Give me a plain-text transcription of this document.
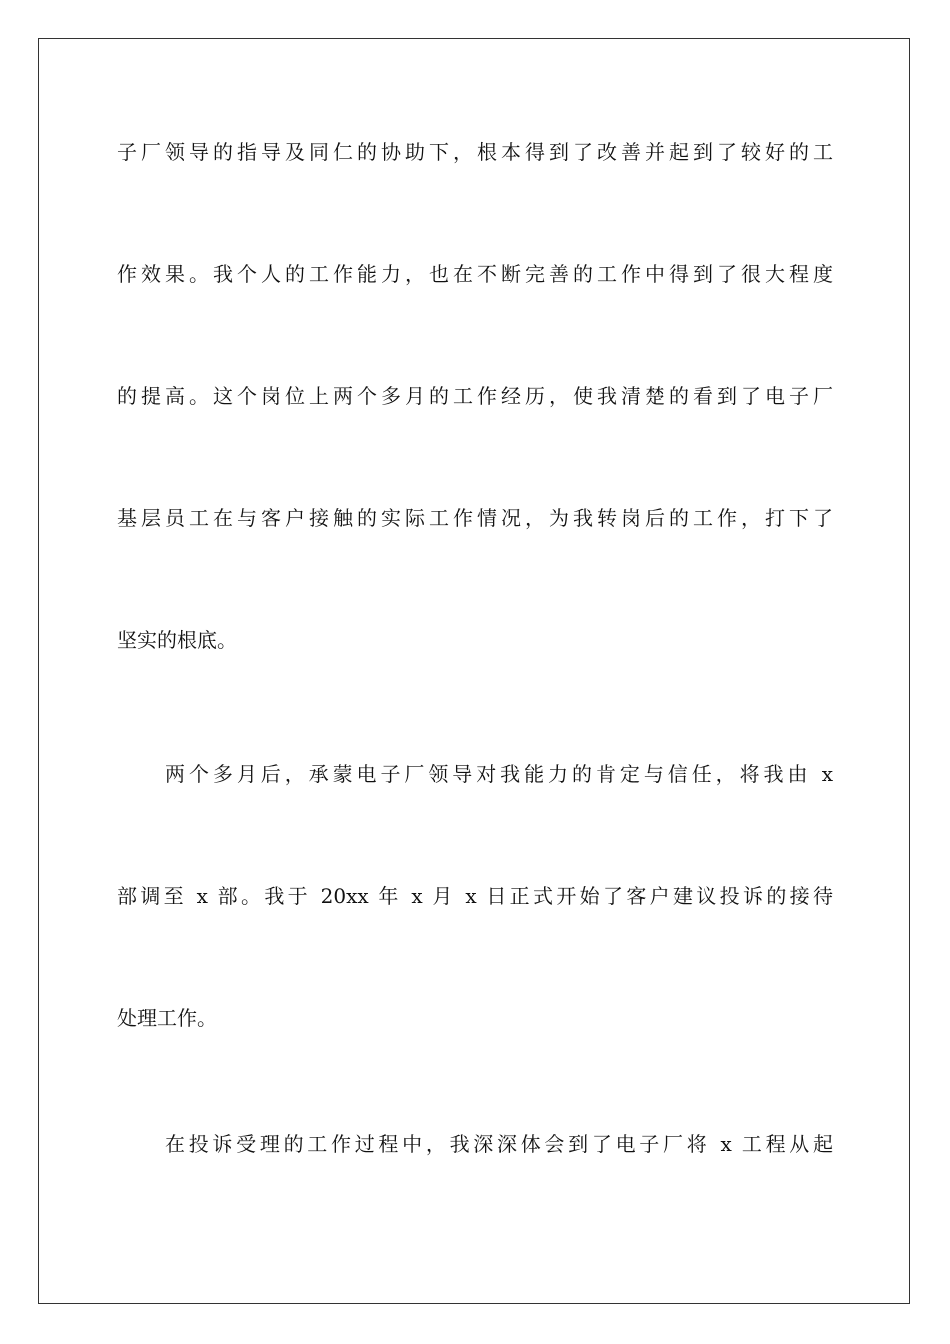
子厂领导的指导及同仁的协助下，根本得到了改善并起到了较好的工
作效果。我个人的工作能力，也在不断完善的工作中得到了很大程度
的提高。这个岗位上两个多月的工作经历，使我清楚的看到了电子厂
基层员工在与客户接触的实际工作情况，为我转岗后的工作，打下了
坚实的根底。
两个多月后，承蒙电子厂领导对我能力的肯定与信任，将我由 x
部调至 x 部。我于 20xx 年 x 月 x 日正式开始了客户建议投诉的接待
处理工作。
在投诉受理的工作过程中，我深深体会到了电子厂将 x 工程从起
